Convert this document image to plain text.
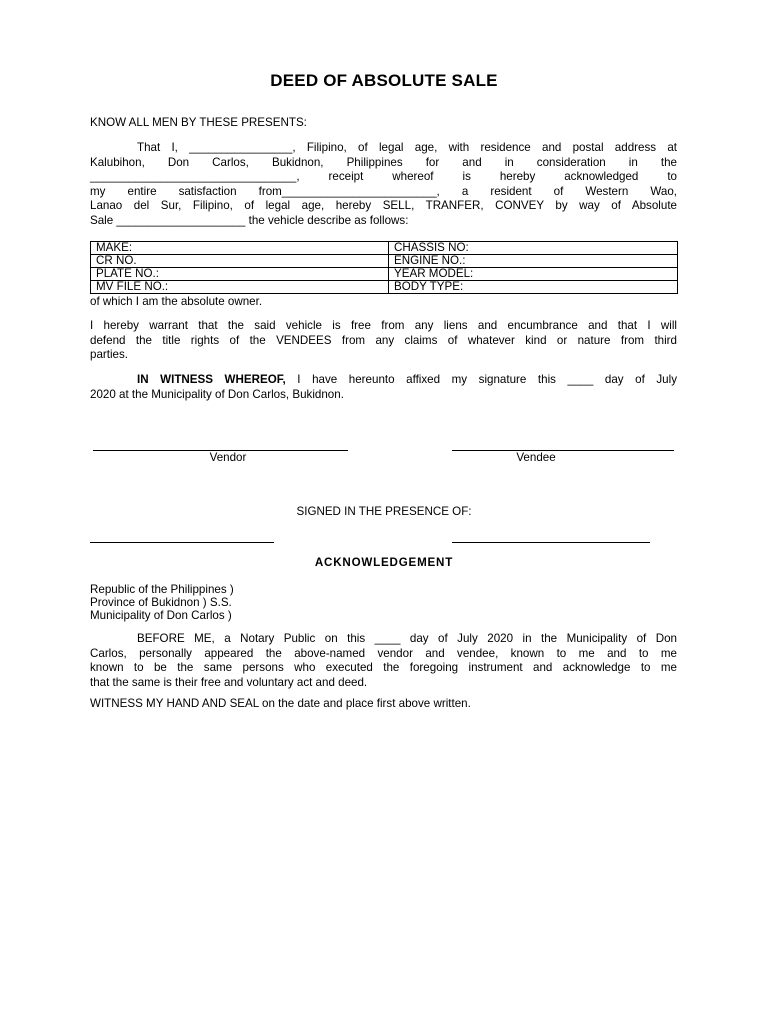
DEED OF ABSOLUTE SALE

KNOW ALL MEN BY THESE PRESENTS:

That I, ________________, Filipino, of legal age, with residence and postal address at
Kalubihon, Don Carlos, Bukidnon, Philippines for and in consideration in the
________________________________, receipt whereof is hereby acknowledged to
my entire satisfaction from________________________, a resident of Western Wao,
Lanao del Sur, Filipino, of legal age, hereby SELL, TRANFER, CONVEY by way of Absolute
Sale ____________________ the vehicle describe as follows:
MAKE:	CHASSIS NO:
CR NO.	ENGINE NO.:
PLATE NO.:	YEAR MODEL:
MV FILE NO.:	BODY TYPE:

of which I am the absolute owner.

I hereby warrant that the said vehicle is free from any liens and encumbrance and that I will
defend the title rights of the VENDEES from any claims of whatever kind or nature from third
parties.
IN WITNESS WHEREOF, I have hereunto affixed my signature this ____ day of July
2020 at the Municipality of Don Carlos, Bukidnon.
Vendor	Vendee
SIGNED IN THE PRESENCE OF:
ACKNOWLEDGEMENT
Republic of the Philippines )
Province of Bukidnon ) S.S.
Municipality of Don Carlos )
BEFORE ME, a Notary Public on this ____ day of July 2020 in the Municipality of Don
Carlos, personally appeared the above-named vendor and vendee, known to me and to me
known to be the same persons who executed the foregoing instrument and acknowledge to me
that the same is their free and voluntary act and deed.

WITNESS MY HAND AND SEAL on the date and place first above written.
